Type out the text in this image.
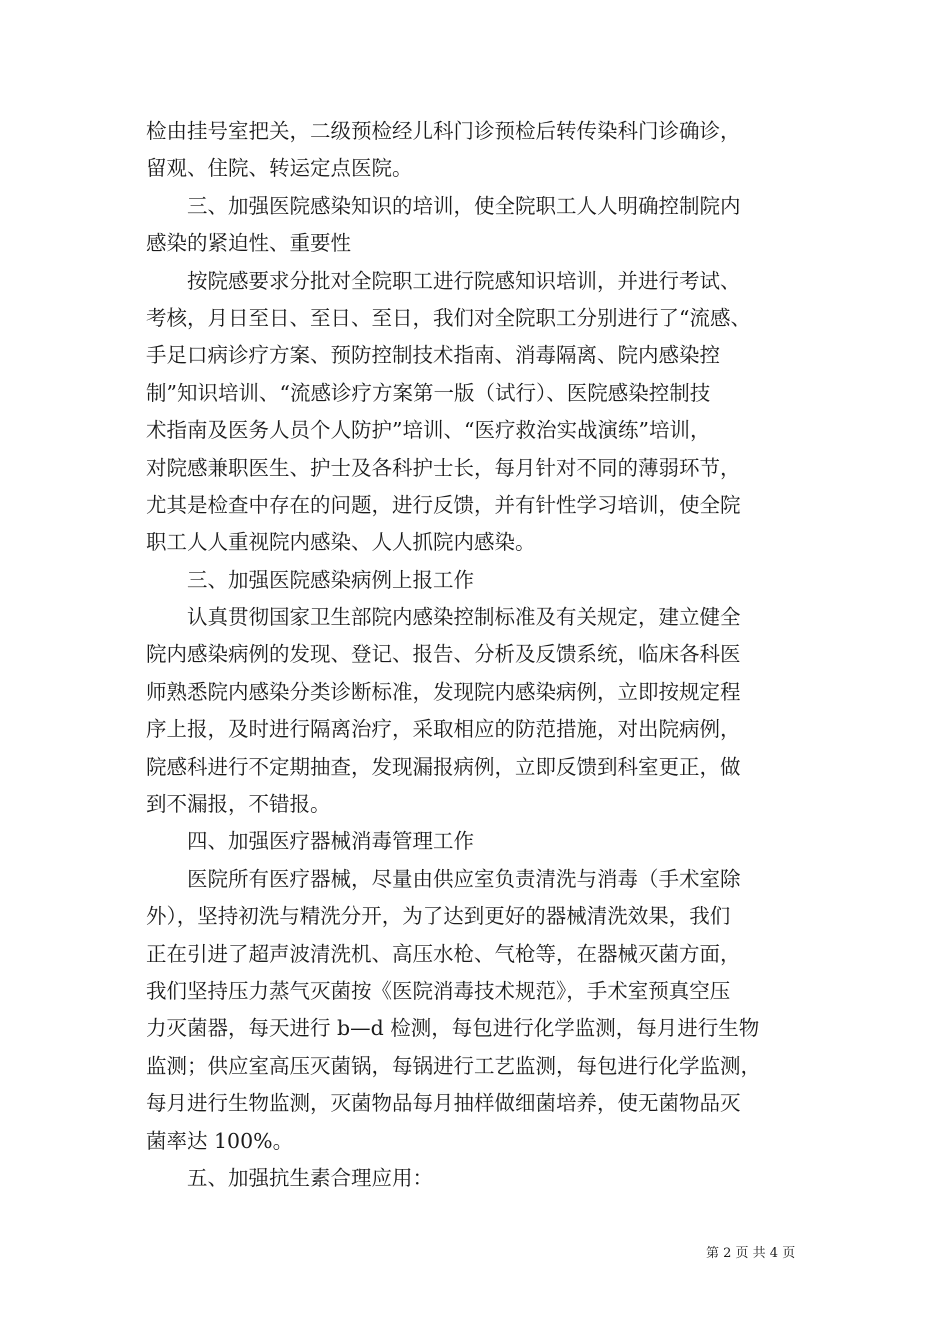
检由挂号室把关，二级预检经儿科门诊预检后转传染科门诊确诊，
留观、住院、转运定点医院。
　　三、加强医院感染知识的培训，使全院职工人人明确控制院内
感染的紧迫性、重要性
　　按院感要求分批对全院职工进行院感知识培训，并进行考试、
考核，月日至日、至日、至日，我们对全院职工分别进行了“流感、
手足口病诊疗方案、预防控制技术指南、消毒隔离、院内感染控
制”知识培训、“流感诊疗方案第一版（试行）、医院感染控制技
术指南及医务人员个人防护”培训、“医疗救治实战演练”培训，
对院感兼职医生、护士及各科护士长，每月针对不同的薄弱环节，
尤其是检查中存在的问题，进行反馈，并有针性学习培训，使全院
职工人人重视院内感染、人人抓院内感染。
　　三、加强医院感染病例上报工作
　　认真贯彻国家卫生部院内感染控制标准及有关规定，建立健全
院内感染病例的发现、登记、报告、分析及反馈系统，临床各科医
师熟悉院内感染分类诊断标准，发现院内感染病例，立即按规定程
序上报，及时进行隔离治疗，采取相应的防范措施，对出院病例，
院感科进行不定期抽查，发现漏报病例，立即反馈到科室更正，做
到不漏报，不错报。
　　四、加强医疗器械消毒管理工作
　　医院所有医疗器械，尽量由供应室负责清洗与消毒（手术室除
外），坚持初洗与精洗分开，为了达到更好的器械清洗效果，我们
正在引进了超声波清洗机、高压水枪、气枪等，在器械灭菌方面，
我们坚持压力蒸气灭菌按《医院消毒技术规范》，手术室预真空压
力灭菌器，每天进行 b—d 检测，每包进行化学监测，每月进行生物
监测；供应室高压灭菌锅，每锅进行工艺监测，每包进行化学监测，
每月进行生物监测，灭菌物品每月抽样做细菌培养，使无菌物品灭
菌率达 100%。
　　五、加强抗生素合理应用：
第 2 页 共 4 页
